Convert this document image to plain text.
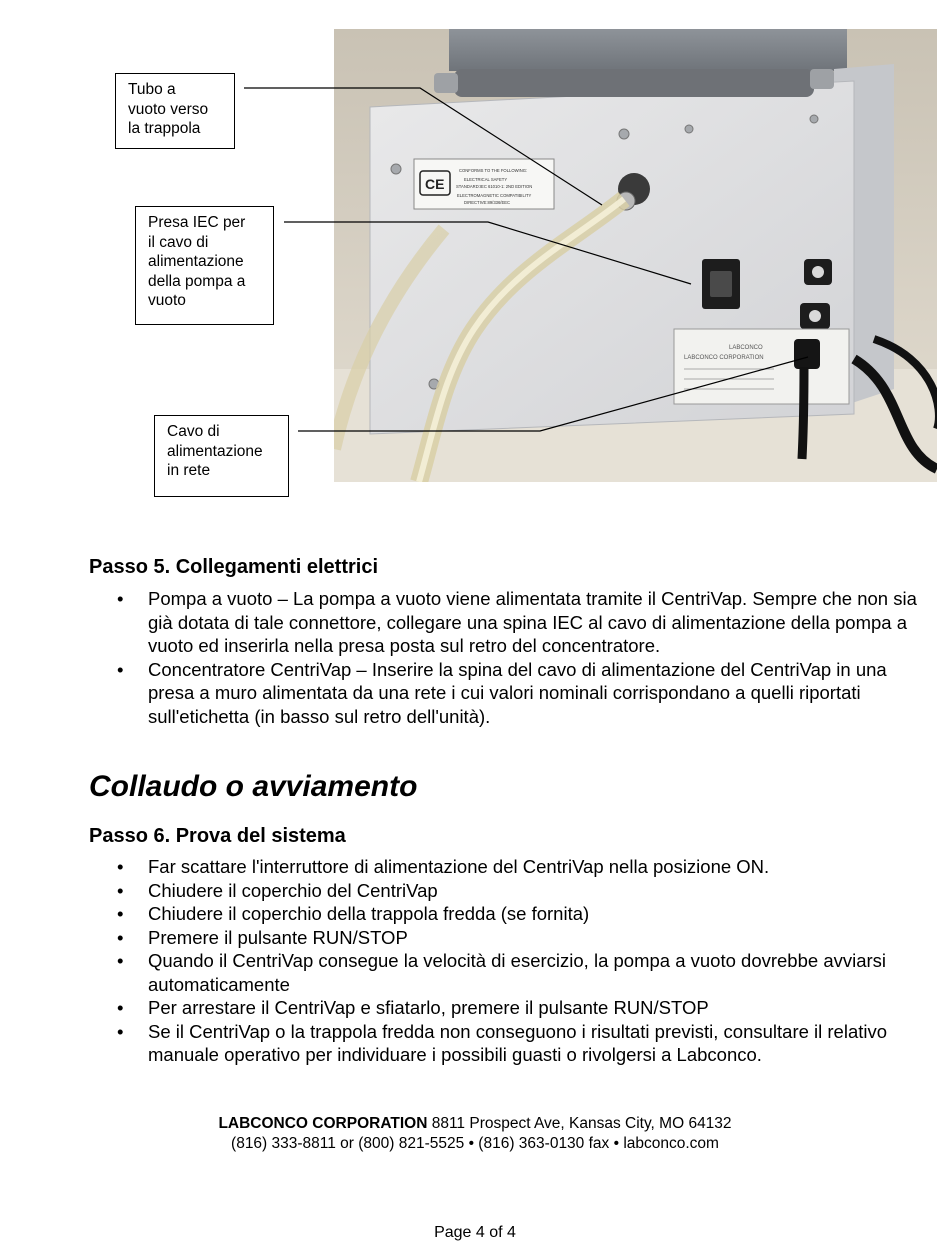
CE
CONFORMS TO THE FOLLOWING:
ELECTRICAL SAFETY
STANDARD:IEC 61010-1: 2ND EDITION
ELECTROMAGNETIC COMPATIBILITY
DIRECTIVE:89/336/EEC
LABCONCO
LABCONCO CORPORATION
Tubo a
vuoto verso
la trappola
Presa IEC per
il cavo di
alimentazione
della pompa a
vuoto
Cavo di
alimentazione
in rete
Passo 5. Collegamenti elettrici
• Pompa a vuoto – La pompa a vuoto viene alimentata tramite il CentriVap. Sempre che non sia già dotata di tale connettore, collegare una spina IEC al cavo di alimentazione della pompa a vuoto ed inserirla nella presa posta sul retro del concentratore.
• Concentratore CentriVap – Inserire la spina del cavo di alimentazione del CentriVap in una presa a muro alimentata da una rete i cui valori nominali corrispondano a quelli riportati sull'etichetta (in basso sul retro dell'unità).
Collaudo o avviamento
Passo 6. Prova del sistema
• Far scattare l'interruttore di alimentazione del CentriVap nella posizione ON.
• Chiudere il coperchio del CentriVap
• Chiudere il coperchio della trappola fredda (se fornita)
• Premere il pulsante RUN/STOP
• Quando il CentriVap consegue la velocità di esercizio, la pompa a vuoto dovrebbe avviarsi automaticamente
• Per arrestare il CentriVap e sfiatarlo, premere il pulsante RUN/STOP
• Se il CentriVap o la trappola fredda non conseguono i risultati previsti, consultare il relativo manuale operativo per individuare i possibili guasti o rivolgersi a Labconco.
LABCONCO CORPORATION 8811 Prospect Ave, Kansas City, MO 64132
(816) 333-8811 or (800) 821-5525 • (816) 363-0130 fax • labconco.com
Page 4 of 4
